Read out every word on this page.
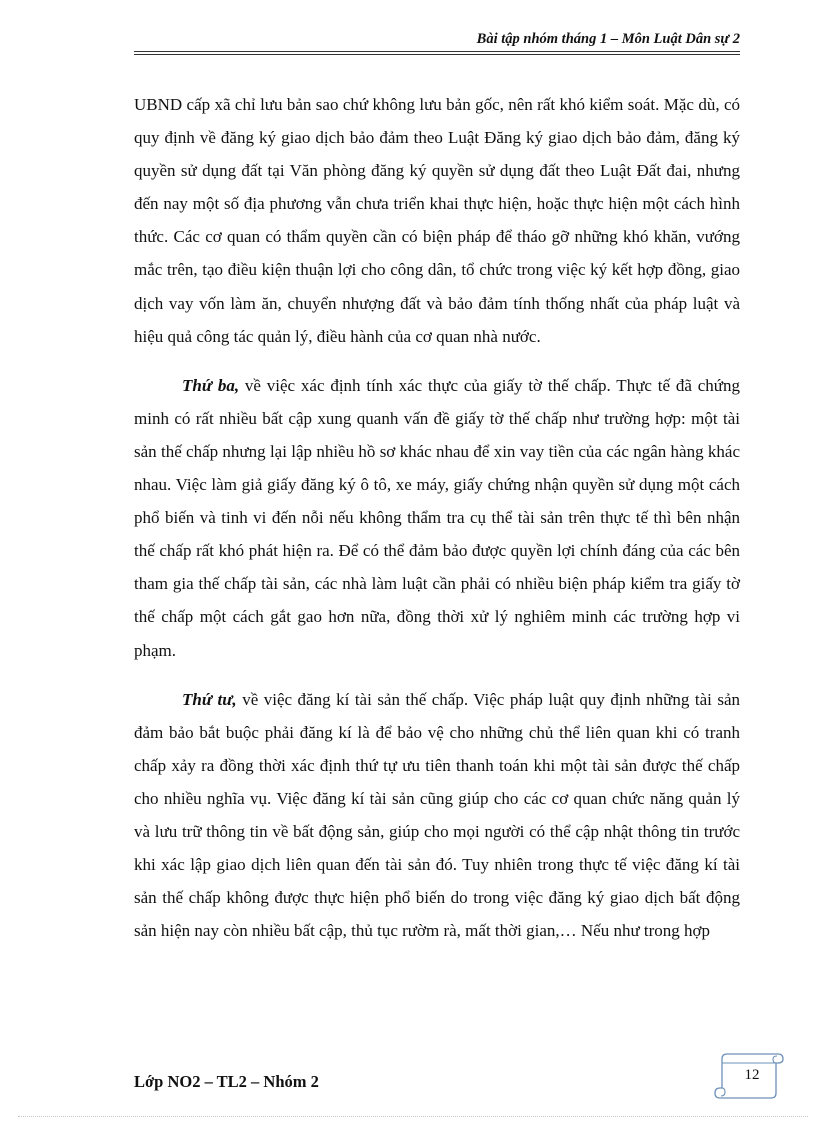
Bài tập nhóm tháng 1 – Môn Luật Dân sự 2

UBND cấp xã chỉ lưu bản sao chứ không lưu bản gốc, nên rất khó kiểm soát. Mặc dù, có quy định về đăng ký giao dịch bảo đảm theo Luật Đăng ký giao dịch bảo đảm, đăng ký quyền sử dụng đất tại Văn phòng đăng ký quyền sử dụng đất theo Luật Đất đai, nhưng đến nay một số địa phương vẫn chưa triển khai thực hiện, hoặc thực hiện một cách hình thức. Các cơ quan có thẩm quyền cần có biện pháp để tháo gỡ những khó khăn, vướng mắc trên, tạo điều kiện thuận lợi cho công dân, tổ chức trong việc ký kết hợp đồng, giao dịch vay vốn làm ăn, chuyển nhượng đất và bảo đảm tính thống nhất của pháp luật và hiệu quả công tác quản lý, điều hành của cơ quan nhà nước.

Thứ ba, về việc xác định tính xác thực của giấy tờ thế chấp. Thực tế đã chứng minh có rất nhiều bất cập xung quanh vấn đề giấy tờ thế chấp như trường hợp: một tài sản thế chấp nhưng lại lập nhiều hồ sơ khác nhau để xin vay tiền của các ngân hàng khác nhau. Việc làm giả giấy đăng ký ô tô, xe máy, giấy chứng nhận quyền sử dụng một cách phổ biến và tinh vi đến nỗi nếu không thẩm tra cụ thể tài sản trên thực tế thì bên nhận thế chấp rất khó phát hiện ra. Để có thể đảm bảo được quyền lợi chính đáng của các bên tham gia thế chấp tài sản, các nhà làm luật cần phải có nhiều biện pháp kiểm tra giấy tờ thế chấp một cách gắt gao hơn nữa, đồng thời xử lý nghiêm minh các trường hợp vi phạm.

Thứ tư, về việc đăng kí tài sản thế chấp. Việc pháp luật quy định những tài sản đảm bảo bắt buộc phải đăng kí là để bảo vệ cho những chủ thể liên quan khi có tranh chấp xảy ra đồng thời xác định thứ tự ưu tiên thanh toán khi một tài sản được thế chấp cho nhiều nghĩa vụ. Việc đăng kí tài sản cũng giúp cho các cơ quan chức năng quản lý và lưu trữ thông tin về bất động sản, giúp cho mọi người có thể cập nhật thông tin trước khi xác lập giao dịch liên quan đến tài sản đó. Tuy nhiên trong thực tế việc đăng kí tài sản thế chấp không được thực hiện phổ biến do trong việc đăng ký giao dịch bất động sản hiện nay còn nhiều bất cập, thủ tục rườm rà, mất thời gian,… Nếu như trong hợp

Lớp NO2 – TL2 – Nhóm 2	12
